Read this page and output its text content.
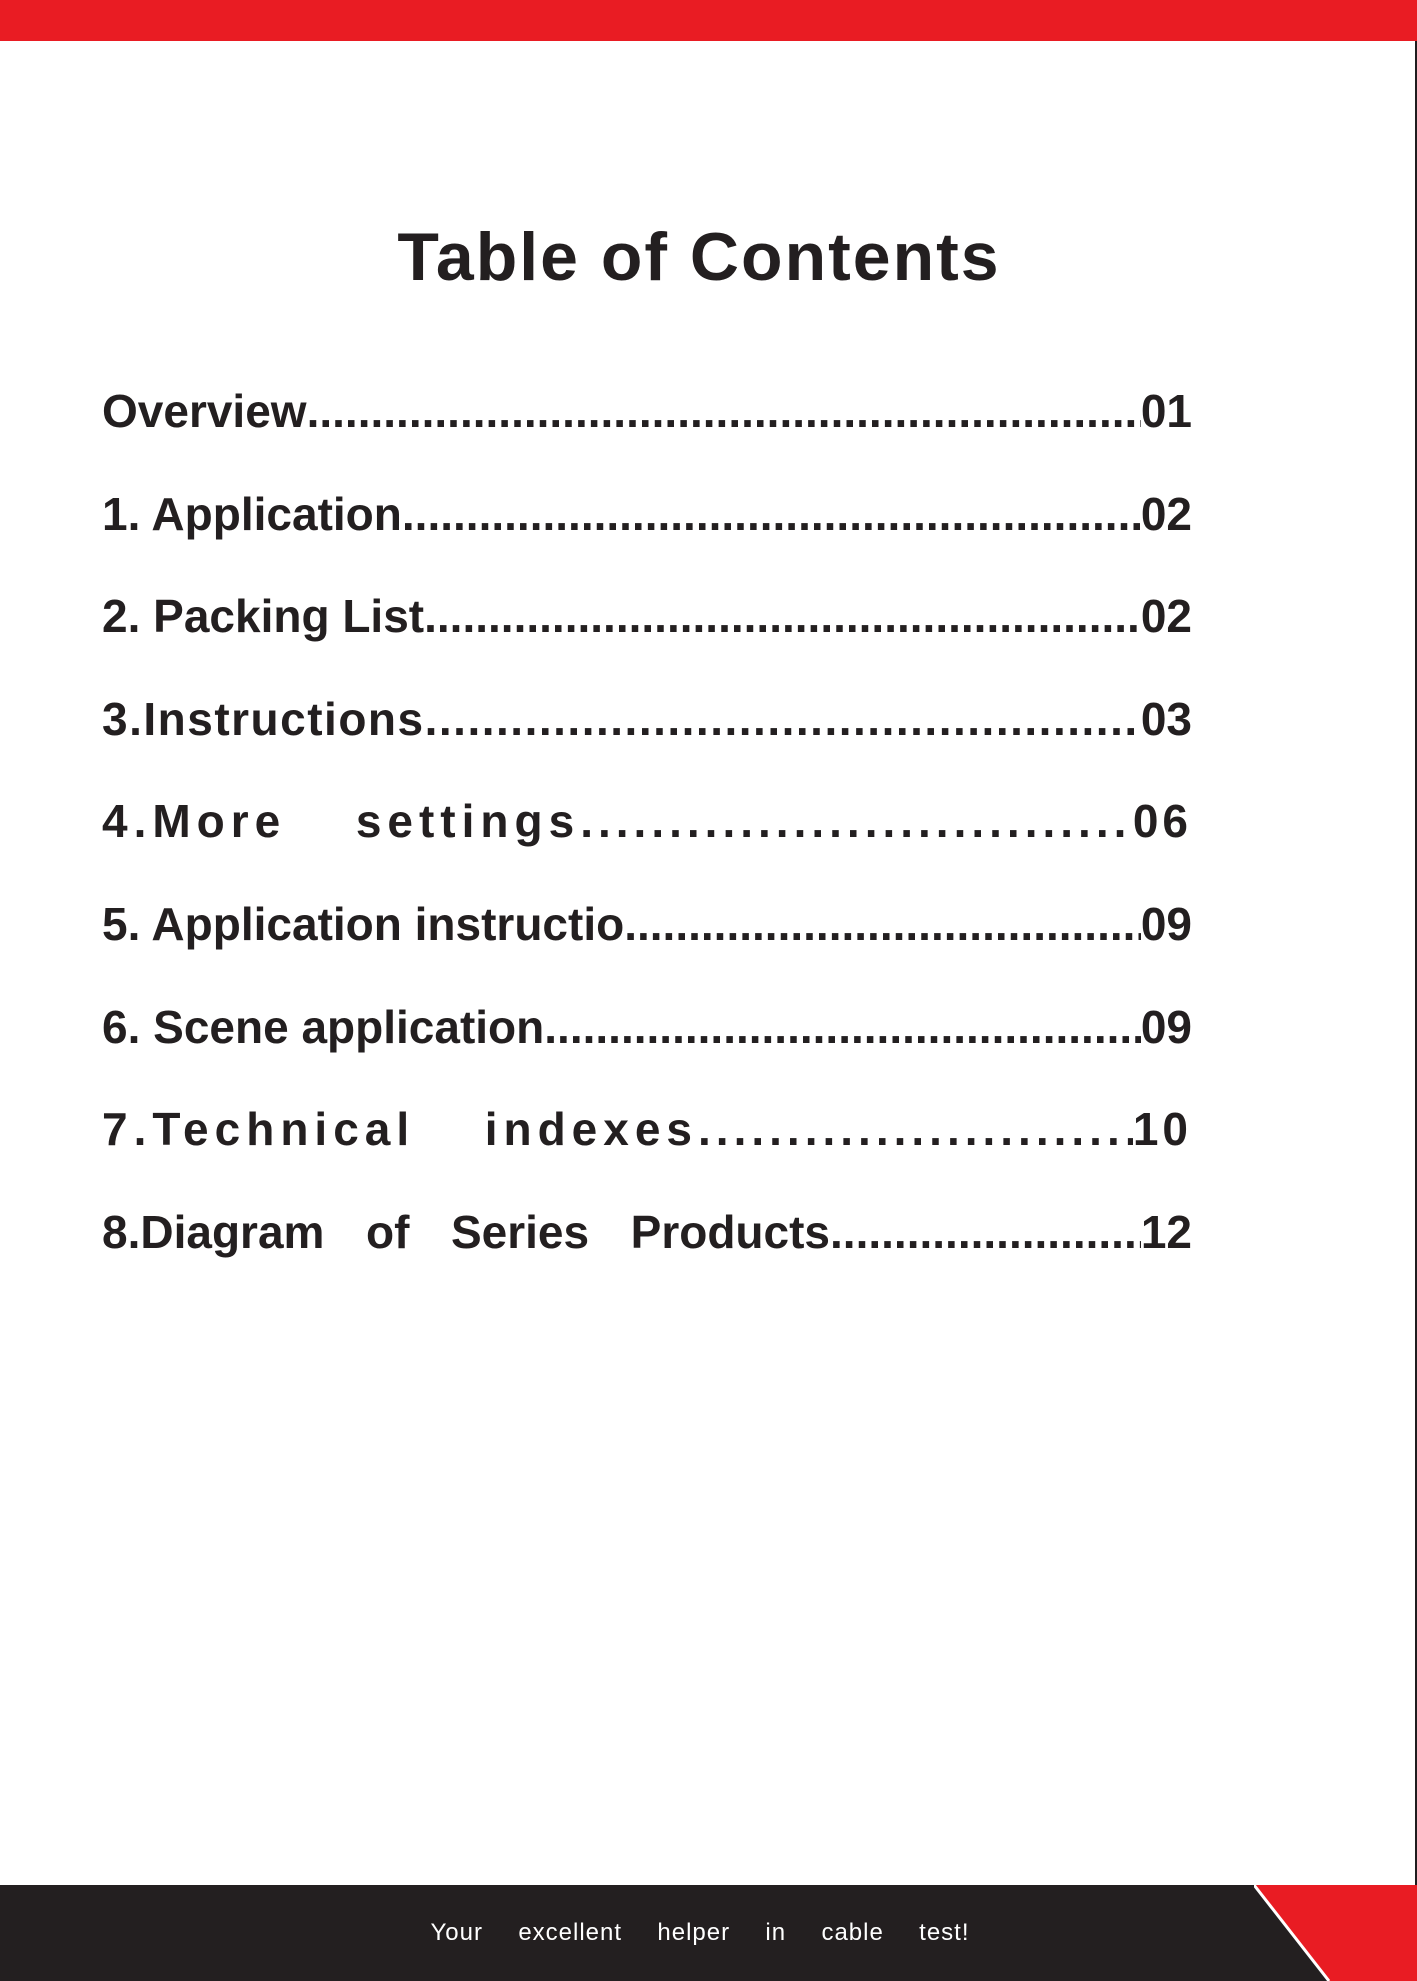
Table of Contents
Overview .....	01
1. Application .....	02
2. Packing List .....	02
3.Instructions .....	03
4.More  settings .....	06
5. Application instructio .....	09
6. Scene application .....	09
7.Technical  indexes .....	10
8.Diagram  of  Series  Products .....	12

Your  excellent  helper  in  cable  test!
